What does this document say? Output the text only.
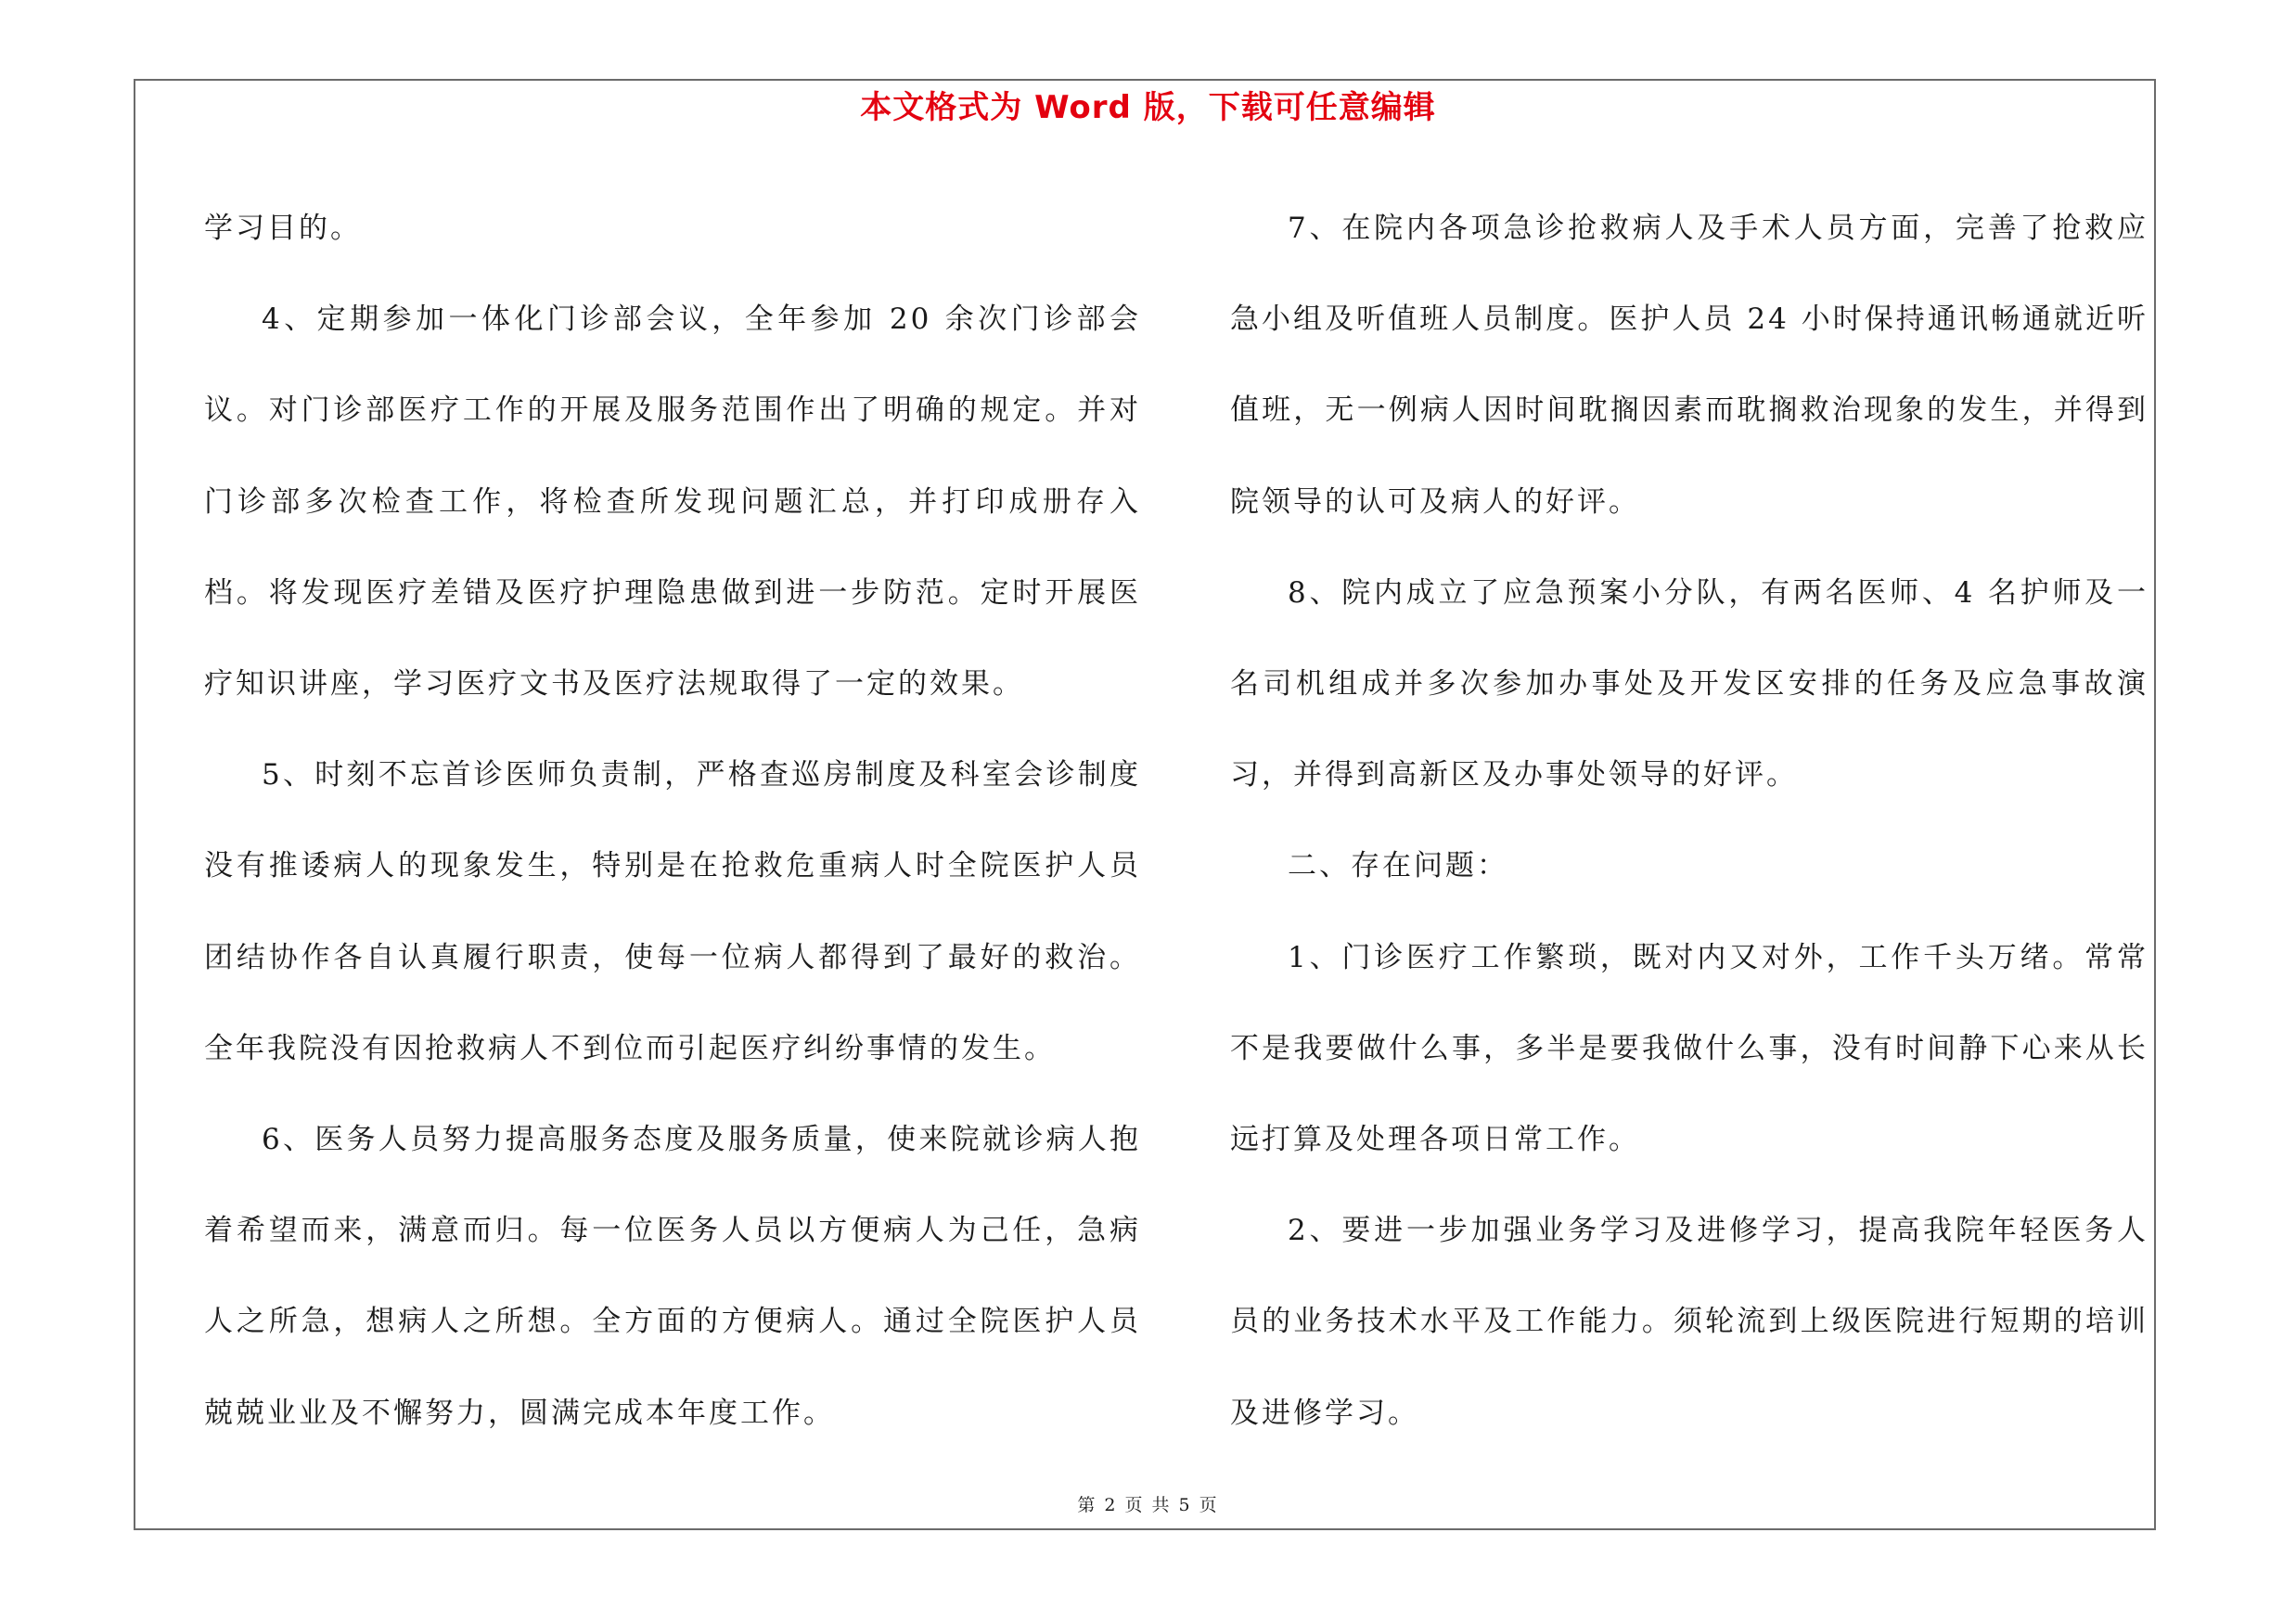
本文格式为 Word 版，下载可任意编辑

学习目的。

4、定期参加一体化门诊部会议，全年参加 20 余次门诊部会议。对门诊部医疗工作的开展及服务范围作出了明确的规定。并对门诊部多次检查工作，将检查所发现问题汇总，并打印成册存入档。将发现医疗差错及医疗护理隐患做到进一步防范。定时开展医疗知识讲座，学习医疗文书及医疗法规取得了一定的效果。

5、时刻不忘首诊医师负责制，严格查巡房制度及科室会诊制度没有推诿病人的现象发生，特别是在抢救危重病人时全院医护人员团结协作各自认真履行职责，使每一位病人都得到了最好的救治。全年我院没有因抢救病人不到位而引起医疗纠纷事情的发生。

6、医务人员努力提高服务态度及服务质量，使来院就诊病人抱着希望而来，满意而归。每一位医务人员以方便病人为己任，急病人之所急，想病人之所想。全方面的方便病人。通过全院医护人员兢兢业业及不懈努力，圆满完成本年度工作。

7、在院内各项急诊抢救病人及手术人员方面，完善了抢救应急小组及听值班人员制度。医护人员 24 小时保持通讯畅通就近听值班，无一例病人因时间耽搁因素而耽搁救治现象的发生，并得到院领导的认可及病人的好评。

8、院内成立了应急预案小分队，有两名医师、4 名护师及一名司机组成并多次参加办事处及开发区安排的任务及应急事故演习，并得到高新区及办事处领导的好评。

二、存在问题：

1、门诊医疗工作繁琐，既对内又对外，工作千头万绪。常常不是我要做什么事，多半是要我做什么事，没有时间静下心来从长远打算及处理各项日常工作。

2、要进一步加强业务学习及进修学习，提高我院年轻医务人员的业务技术水平及工作能力。须轮流到上级医院进行短期的培训及进修学习。

第 2 页 共 5 页
